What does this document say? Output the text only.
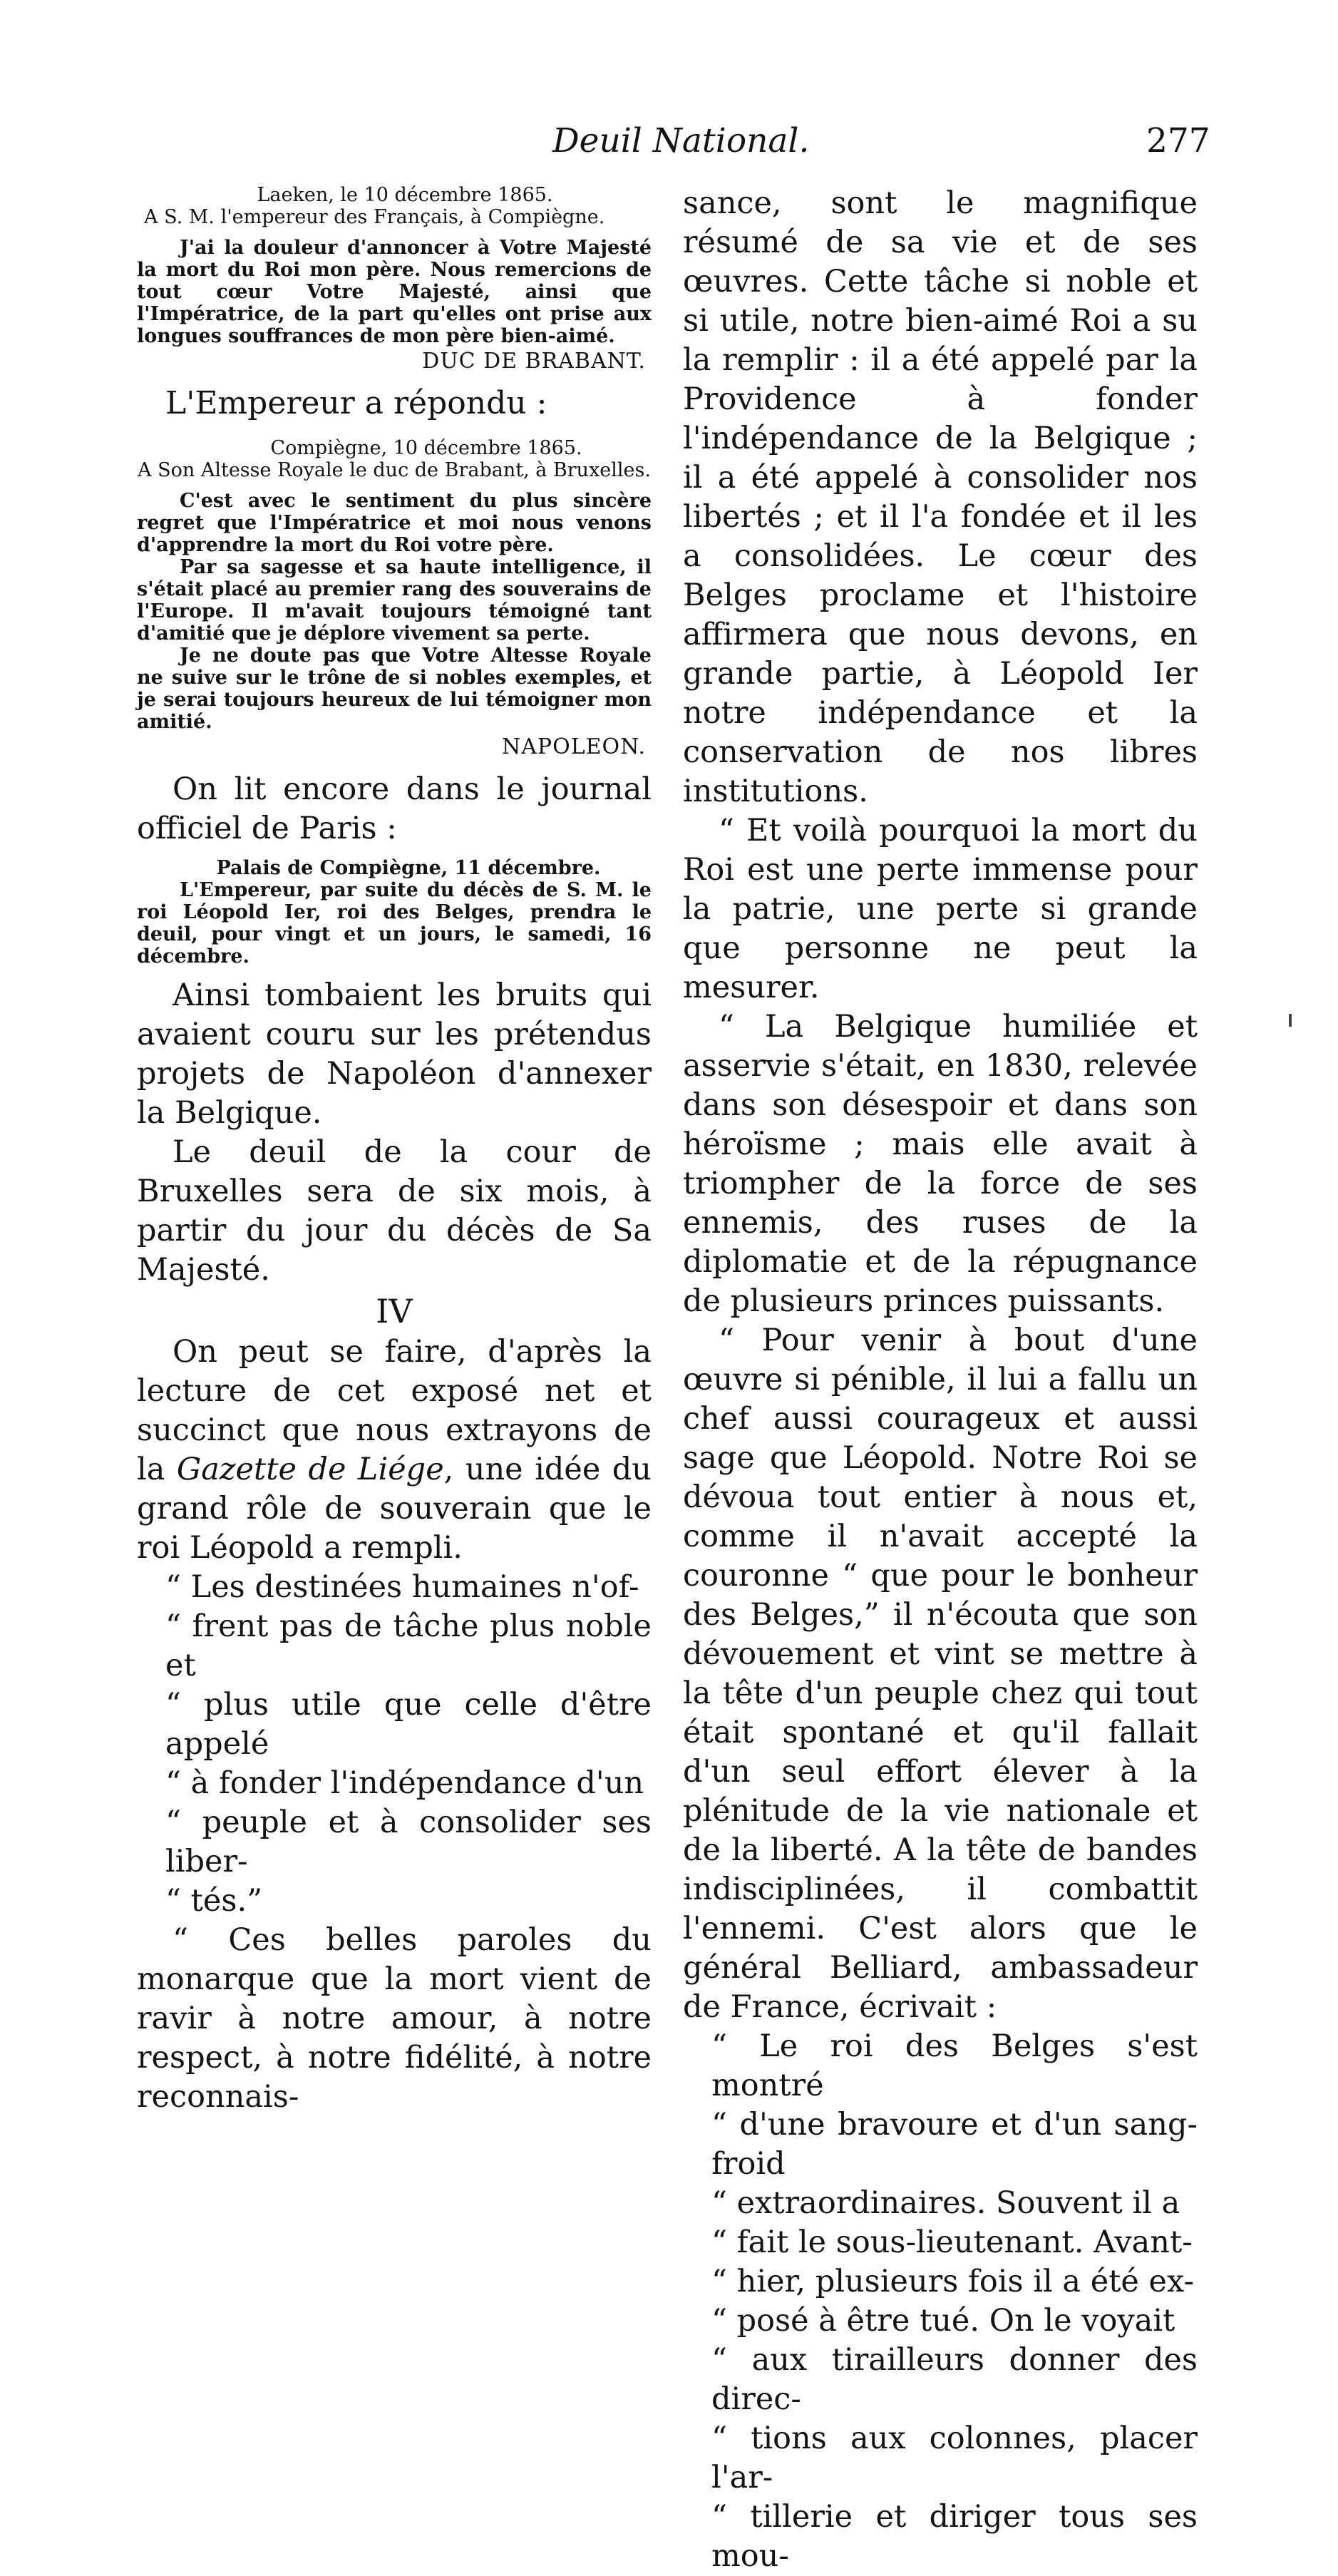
Deuil National.	277
Laeken, le 10 décembre 1865.
A S. M. l'empereur des Français, à Compiègne.
J'ai la douleur d'annoncer à Votre Majesté la mort du Roi mon père. Nous remercions de tout cœur Votre Majesté, ainsi que l'Impératrice, de la part qu'elles ont prise aux longues souffrances de mon père bien-aimé.
DUC DE BRABANT.
L'Empereur a répondu :
Compiègne, 10 décembre 1865.
A Son Altesse Royale le duc de Brabant, à Bruxelles.
C'est avec le sentiment du plus sincère regret que l'Impératrice et moi nous venons d'apprendre la mort du Roi votre père.
Par sa sagesse et sa haute intelligence, il s'était placé au premier rang des souverains de l'Europe. Il m'avait toujours témoigné tant d'amitié que je déplore vivement sa perte.
Je ne doute pas que Votre Altesse Royale ne suive sur le trône de si nobles exemples, et je serai toujours heureux de lui témoigner mon amitié.
NAPOLEON.
On lit encore dans le journal officiel de Paris :
Palais de Compiègne, 11 décembre.
L'Empereur, par suite du décès de S. M. le roi Léopold Ier, roi des Belges, prendra le deuil, pour vingt et un jours, le samedi, 16 décembre.
Ainsi tombaient les bruits qui avaient couru sur les prétendus projets de Napoléon d'annexer la Belgique.
Le deuil de la cour de Bruxelles sera de six mois, à partir du jour du décès de Sa Majesté.
IV
On peut se faire, d'après la lecture de cet exposé net et succinct que nous extrayons de la Gazette de Liége, une idée du grand rôle de souverain que le roi Léopold a rempli.
“ Les destinées humaines n'of-
“ frent pas de tâche plus noble et
“ plus utile que celle d'être appelé
“ à fonder l'indépendance d'un
“ peuple et à consolider ses liber-
“ tés.”
“ Ces belles paroles du monarque que la mort vient de ravir à notre amour, à notre respect, à notre fidélité, à notre reconnais-
sance, sont le magnifique résumé de sa vie et de ses œuvres. Cette tâche si noble et si utile, notre bien-aimé Roi a su la remplir : il a été appelé par la Providence à fonder l'indépendance de la Belgique ; il a été appelé à consolider nos libertés ; et il l'a fondée et il les a consolidées. Le cœur des Belges proclame et l'histoire affirmera que nous devons, en grande partie, à Léopold Ier notre indépendance et la conservation de nos libres institutions.
“ Et voilà pourquoi la mort du Roi est une perte immense pour la patrie, une perte si grande que personne ne peut la mesurer.
“ La Belgique humiliée et asservie s'était, en 1830, relevée dans son désespoir et dans son héroïsme ; mais elle avait à triompher de la force de ses ennemis, des ruses de la diplomatie et de la répugnance de plusieurs princes puissants.
“ Pour venir à bout d'une œuvre si pénible, il lui a fallu un chef aussi courageux et aussi sage que Léopold. Notre Roi se dévoua tout entier à nous et, comme il n'avait accepté la couronne “ que pour le bonheur des Belges,” il n'écouta que son dévouement et vint se mettre à la tête d'un peuple chez qui tout était spontané et qu'il fallait d'un seul effort élever à la plénitude de la vie nationale et de la liberté. A la tête de bandes indisciplinées, il combattit l'ennemi. C'est alors que le général Belliard, ambassadeur de France, écrivait :
“ Le roi des Belges s'est montré
“ d'une bravoure et d'un sang-froid
“ extraordinaires. Souvent il a
“ fait le sous-lieutenant. Avant-
“ hier, plusieurs fois il a été ex-
“ posé à être tué. On le voyait
“ aux tirailleurs donner des direc-
“ tions aux colonnes, placer l'ar-
“ tillerie et diriger tous ses mou-
